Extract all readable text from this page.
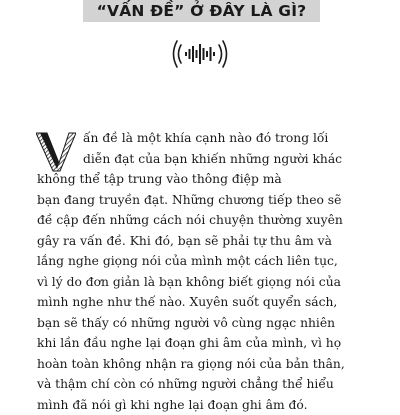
“VẤN ĐỀ” Ở ĐÂY LÀ GÌ?
ấn đề là một khía cạnh nào đó trong lối
diễn đạt của bạn khiến những người khác
không thể tập trung vào thông điệp mà
bạn đang truyền đạt. Những chương tiếp theo sẽ
đề cập đến những cách nói chuyện thường xuyên
gây ra vấn đề. Khi đó, bạn sẽ phải tự thu âm và
lắng nghe giọng nói của mình một cách liên tục,
vì lý do đơn giản là bạn không biết giọng nói của
mình nghe như thế nào. Xuyên suốt quyển sách,
bạn sẽ thấy có những người vô cùng ngạc nhiên
khi lần đầu nghe lại đoạn ghi âm của mình, vì họ
hoàn toàn không nhận ra giọng nói của bản thân,
và thậm chí còn có những người chẳng thể hiểu
mình đã nói gì khi nghe lại đoạn ghi âm đó.
